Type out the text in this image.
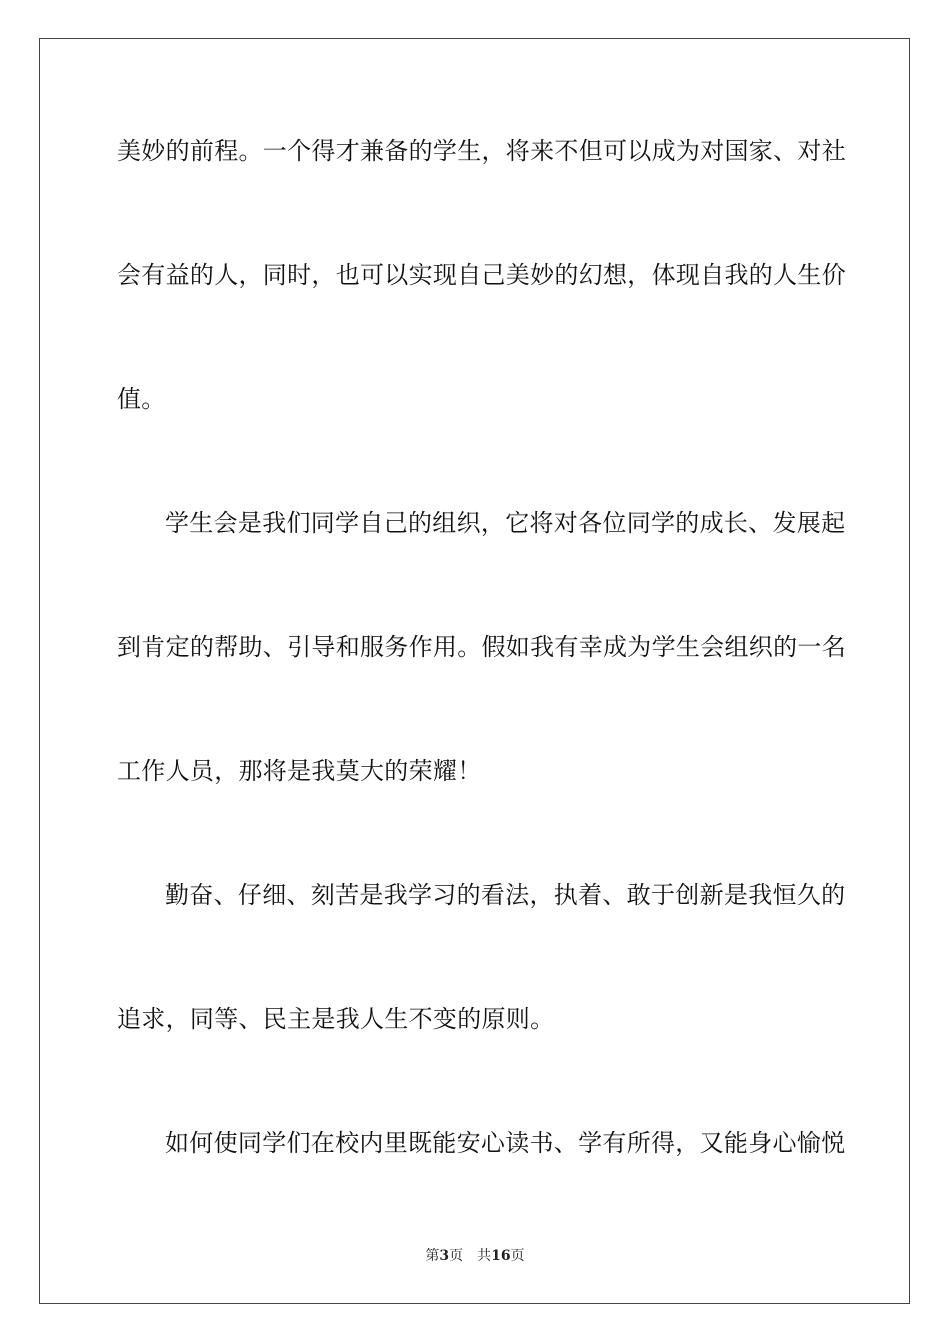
美妙的前程。一个得才兼备的学生，将来不但可以成为对国家、对社
会有益的人，同时，也可以实现自己美妙的幻想，体现自我的人生价
值。
学生会是我们同学自己的组织，它将对各位同学的成长、发展起
到肯定的帮助、引导和服务作用。假如我有幸成为学生会组织的一名
工作人员，那将是我莫大的荣耀！
勤奋、仔细、刻苦是我学习的看法，执着、敢于创新是我恒久的
追求，同等、民主是我人生不变的原则。
如何使同学们在校内里既能安心读书、学有所得，又能身心愉悦
第3页 共16页
